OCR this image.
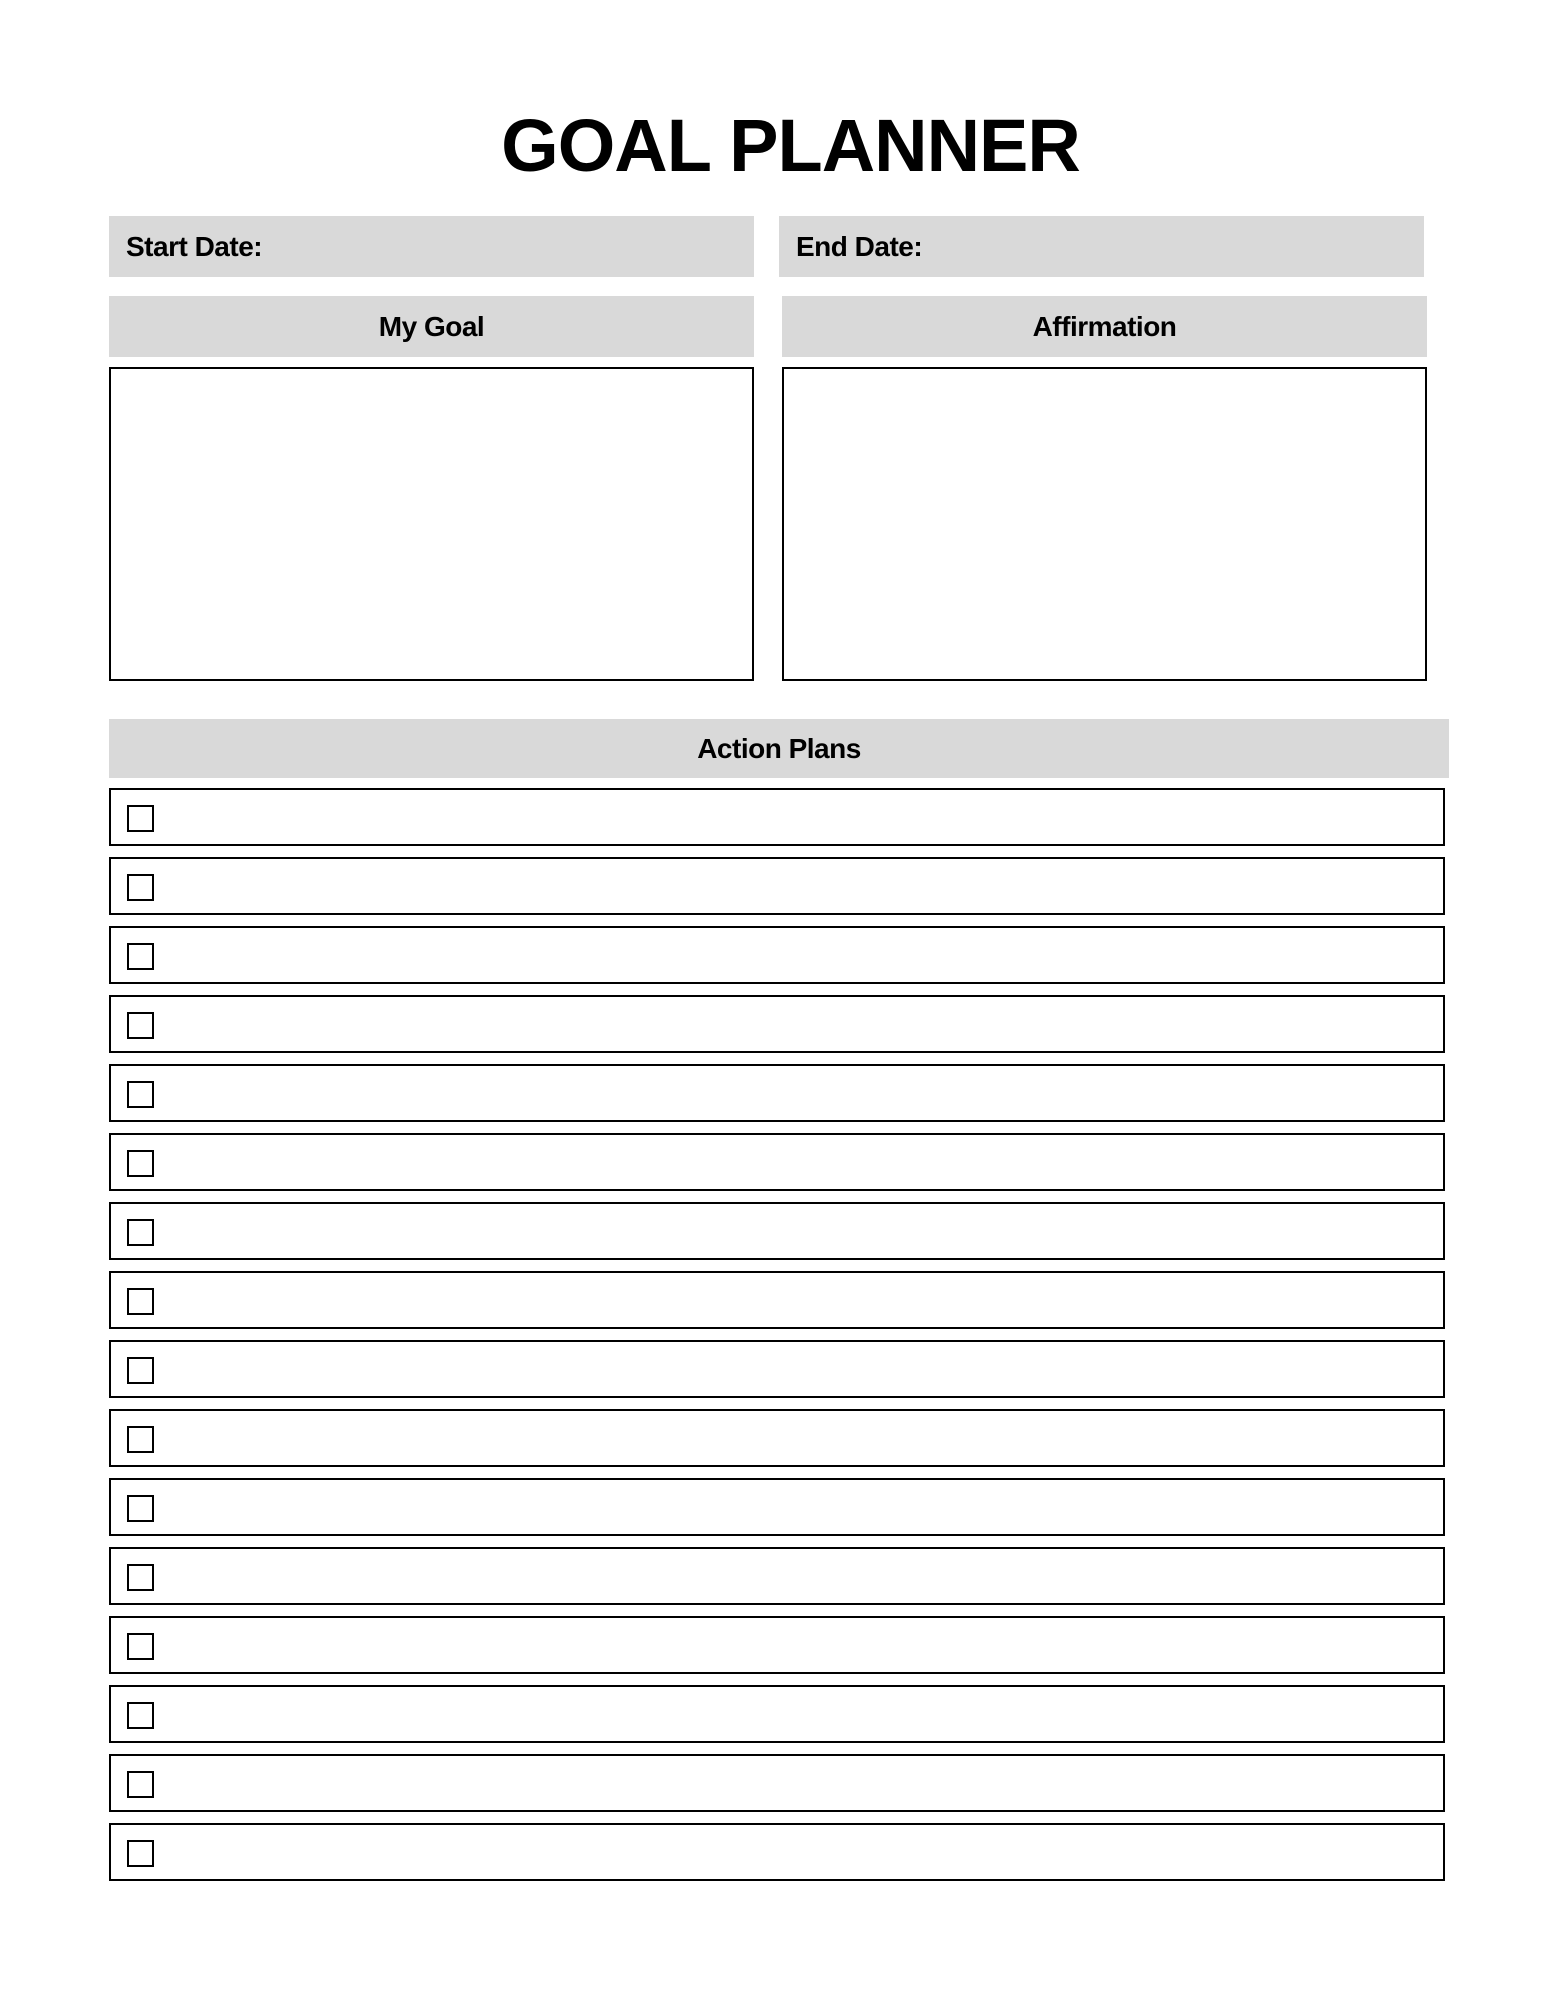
GOAL PLANNER
Start Date:	End Date:
My Goal	Affirmation
Action Plans
